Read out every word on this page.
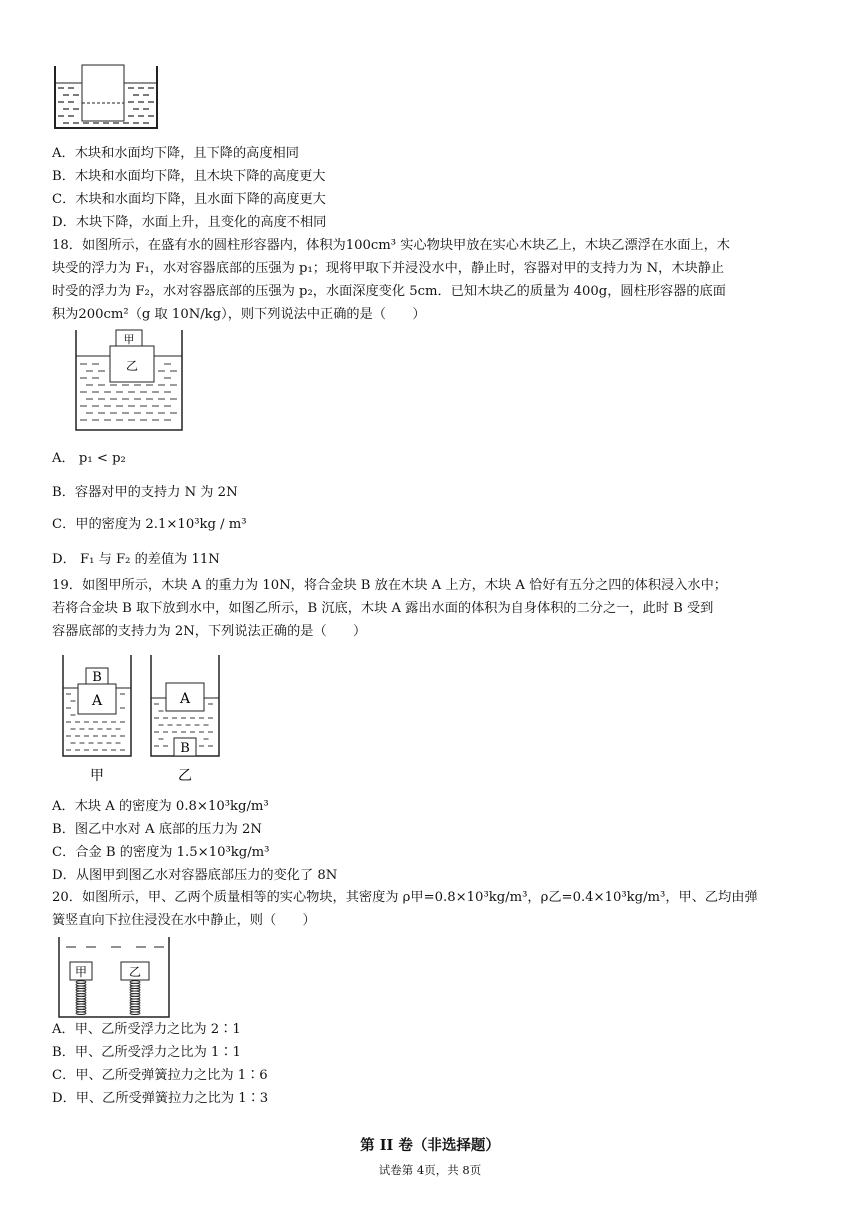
A．木块和水面均下降，且下降的高度相同
B．木块和水面均下降，且木块下降的高度更大
C．木块和水面均下降，且水面下降的高度更大
D．木块下降，水面上升，且变化的高度不相同
18．如图所示，在盛有水的圆柱形容器内，体积为100cm³ 实心物块甲放在实心木块乙上，木块乙漂浮在水面上，木
块受的浮力为 F₁，水对容器底部的压强为 p₁；现将甲取下并浸没水中，静止时，容器对甲的支持力为 N，木块静止
时受的浮力为 F₂，水对容器底部的压强为 p₂，水面深度变化 5cm．已知木块乙的质量为 400g，圆柱形容器的底面
积为200cm²（g 取 10N/kg），则下列说法中正确的是（　　）
甲
乙
A． p₁ < p₂
B．容器对甲的支持力 N 为 2N
C．甲的密度为 2.1×10³kg / m³
D． F₁ 与 F₂ 的差值为 11N
19．如图甲所示，木块 A 的重力为 10N，将合金块 B 放在木块 A 上方，木块 A 恰好有五分之四的体积浸入水中；
若将合金块 B 取下放到水中，如图乙所示，B 沉底，木块 A 露出水面的体积为自身体积的二分之一，此时 B 受到
容器底部的支持力为 2N，下列说法正确的是（　　）
B
A	A
B
甲	乙
A．木块 A 的密度为 0.8×10³kg/m³
B．图乙中水对 A 底部的压力为 2N
C．合金 B 的密度为 1.5×10³kg/m³
D．从图甲到图乙水对容器底部压力的变化了 8N
20．如图所示，甲、乙两个质量相等的实心物块，其密度为 ρ甲=0.8×10³kg/m³，ρ乙=0.4×10³kg/m³，甲、乙均由弹
簧竖直向下拉住浸没在水中静止，则（　　）
甲	乙
A．甲、乙所受浮力之比为 2∶1
B．甲、乙所受浮力之比为 1∶1
C．甲、乙所受弹簧拉力之比为 1∶6
D．甲、乙所受弹簧拉力之比为 1∶3
第 II 卷（非选择题）
试卷第 4页，共 8页
